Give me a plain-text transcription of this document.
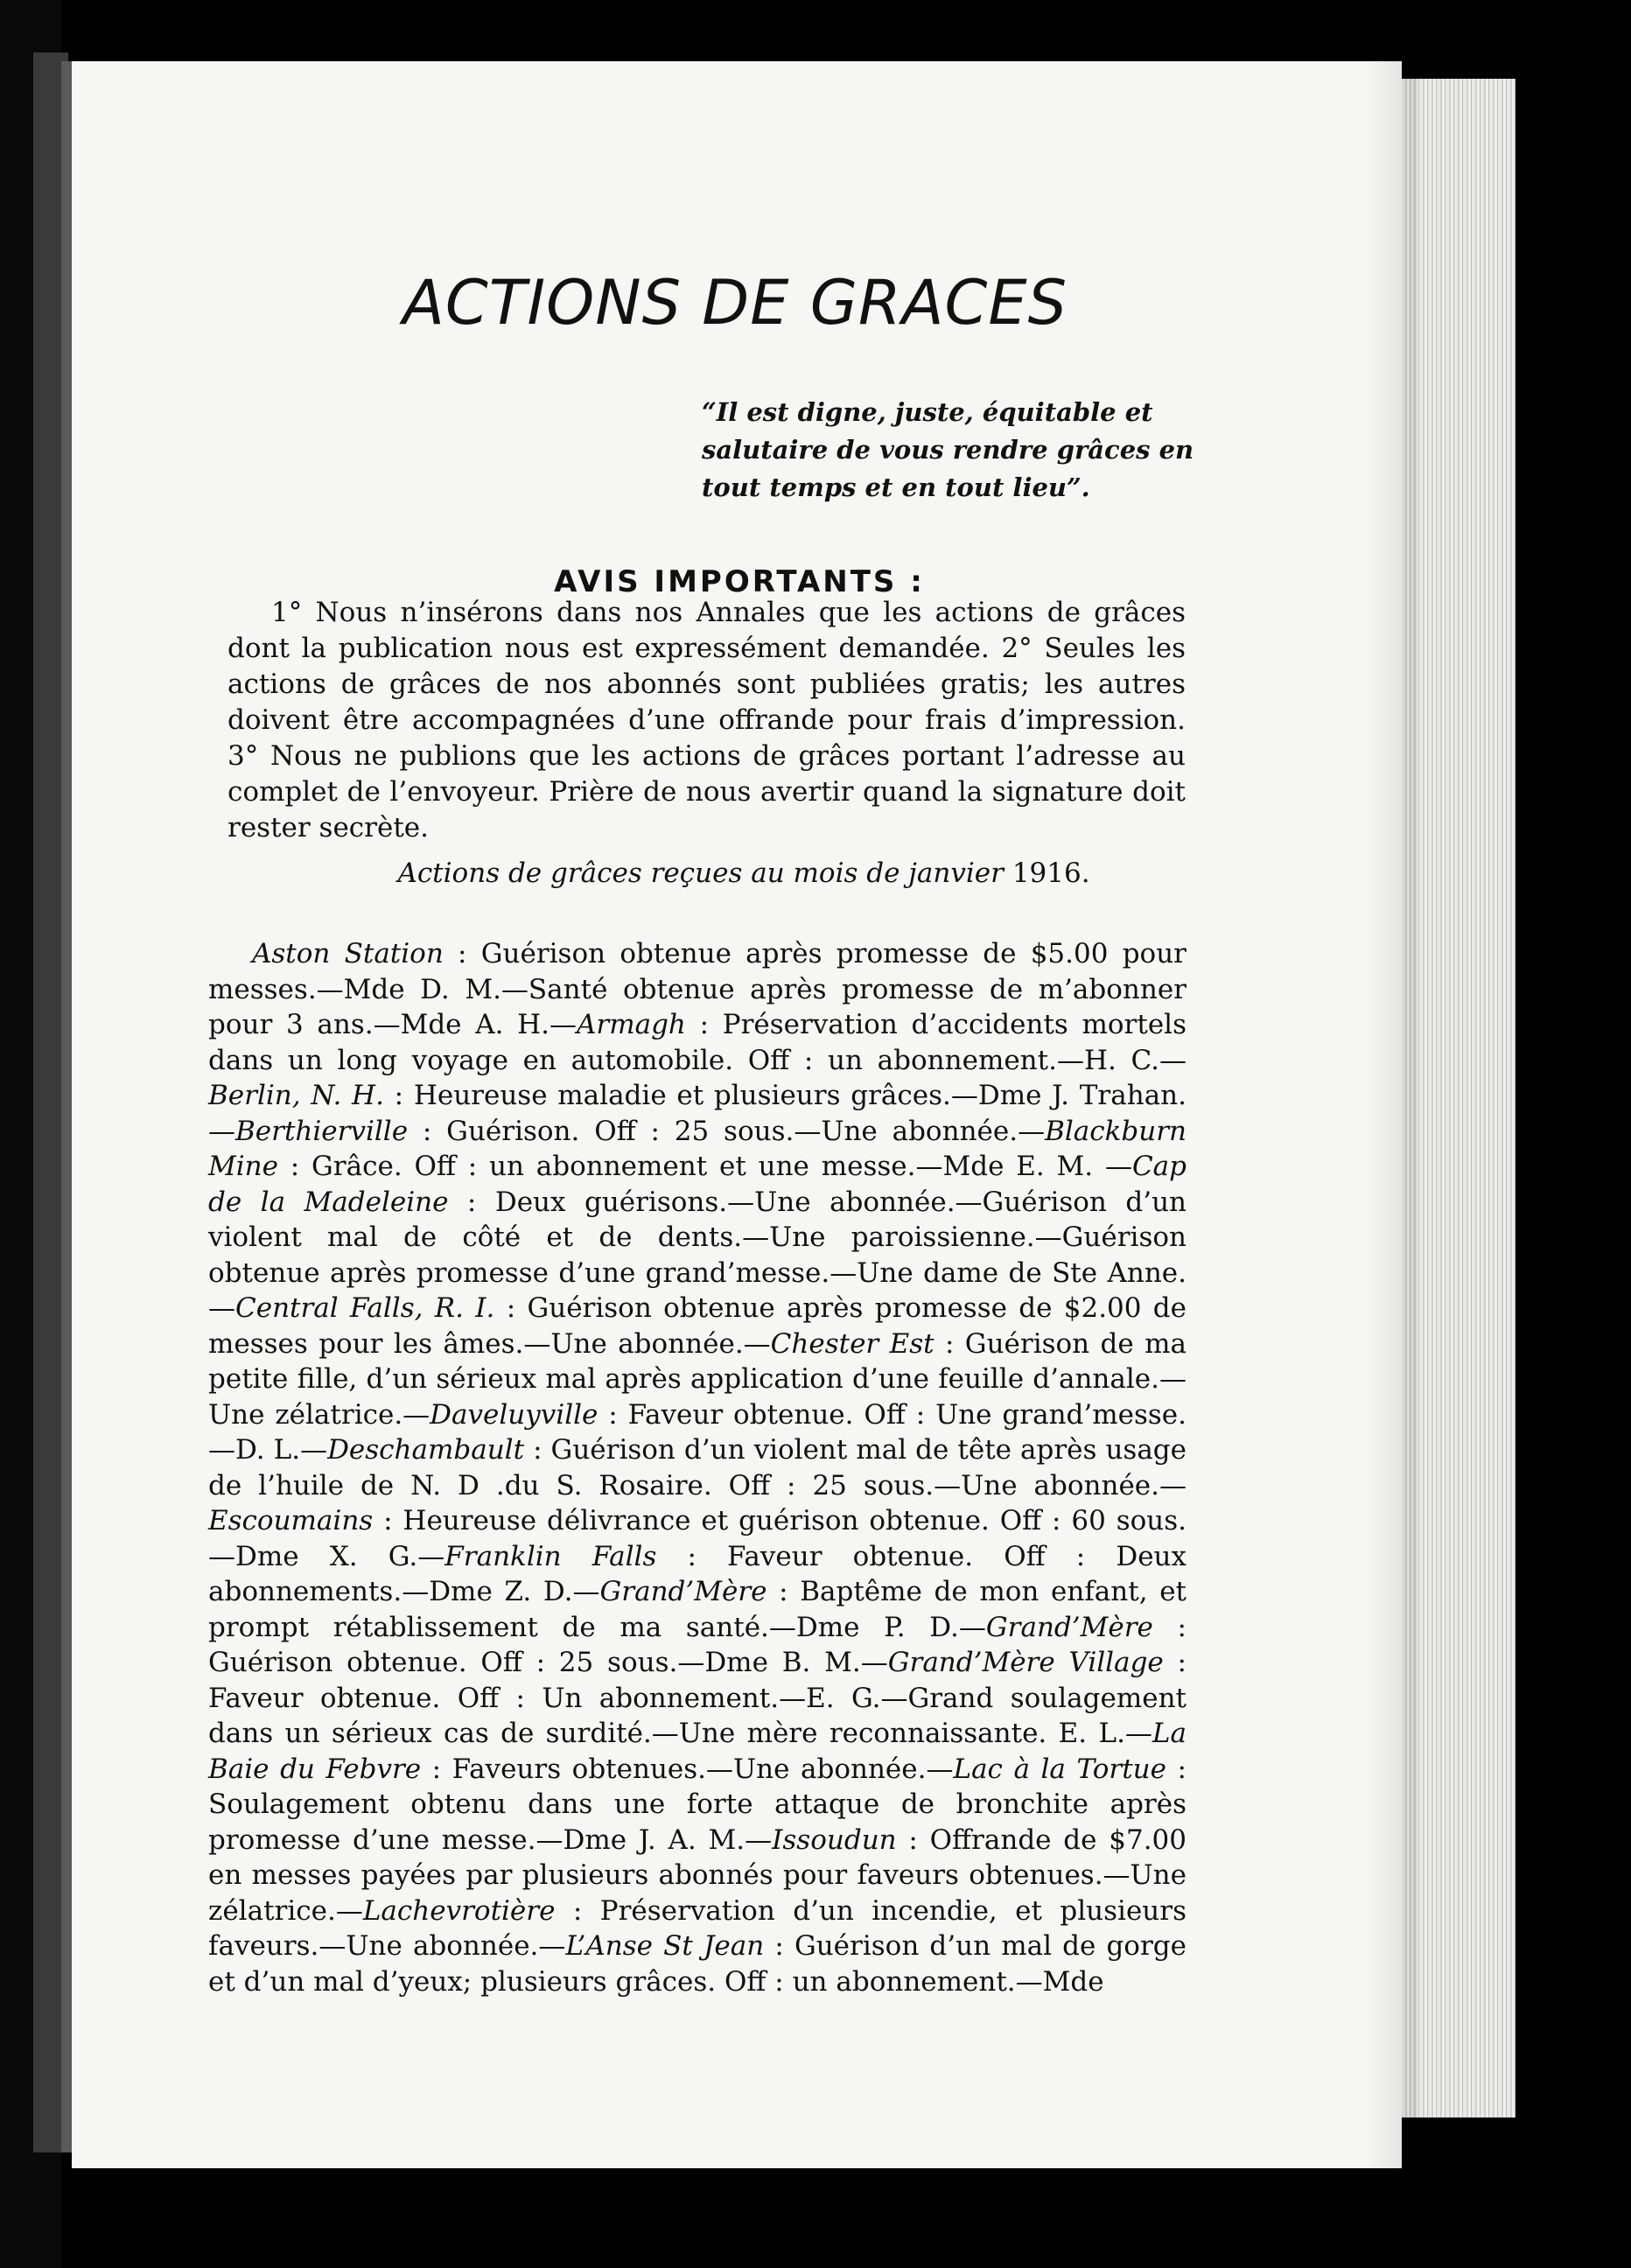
ACTIONS DE GRACES
“Il est digne, juste, équitable et salutaire de vous rendre grâces en tout temps et en tout lieu”.
AVIS IMPORTANTS :
1° Nous n’insérons dans nos Annales que les actions de grâces dont la publication nous est expressément demandée. 2° Seules les actions de grâces de nos abonnés sont publiées gratis; les autres doivent être accompagnées d’une offrande pour frais d’impression. 3° Nous ne publions que les actions de grâces portant l’adresse au complet de l’envoyeur. Prière de nous avertir quand la signature doit rester secrète.
Actions de grâces reçues au mois de janvier 1916.
Aston Station : Guérison obtenue après promesse de $5.00 pour messes.—Mde D. M.—Santé obtenue après promesse de m’abonner pour 3 ans.—Mde A. H.—Armagh : Préservation d’accidents mortels dans un long voyage en automobile. Off : un abonnement.—H. C.—Berlin, N. H. : Heureuse maladie et plusieurs grâces.—Dme J. Trahan.—Berthierville : Guérison. Off : 25 sous.—Une abonnée.—Blackburn Mine : Grâce. Off : un abonnement et une messe.—Mde E. M. —Cap de la Madeleine : Deux guérisons.—Une abonnée.—Guérison d’un violent mal de côté et de dents.—Une paroissienne.—Guérison obtenue après promesse d’une grand’messe.—Une dame de Ste Anne.—Central Falls, R. I. : Guérison obtenue après promesse de $2.00 de messes pour les âmes.—Une abonnée.—Chester Est : Guérison de ma petite fille, d’un sérieux mal après application d’une feuille d’annale.—Une zélatrice.—Daveluyville : Faveur obtenue. Off : Une grand’messe.—D. L.—Deschambault : Guérison d’un violent mal de tête après usage de l’huile de N. D .du S. Rosaire. Off : 25 sous.—Une abonnée.—Escoumains : Heureuse délivrance et guérison obtenue. Off : 60 sous.—Dme X. G.—Franklin Falls : Faveur obtenue. Off : Deux abonnements.—Dme Z. D.—Grand’Mère : Baptême de mon enfant, et prompt rétablissement de ma santé.—Dme P. D.—Grand’Mère : Guérison obtenue. Off : 25 sous.—Dme B. M.—Grand’Mère Village : Faveur obtenue. Off : Un abonnement.—E. G.—Grand soulagement dans un sérieux cas de surdité.—Une mère reconnaissante. E. L.—La Baie du Febvre : Faveurs obtenues.—Une abonnée.—Lac à la Tortue : Soulagement obtenu dans une forte attaque de bronchite après promesse d’une messe.—Dme J. A. M.—Issoudun : Offrande de $7.00 en messes payées par plusieurs abonnés pour faveurs obtenues.—Une zélatrice.—Lachevrotière : Préservation d’un incendie, et plusieurs faveurs.—Une abonnée.—L’Anse St Jean : Guérison d’un mal de gorge et d’un mal d’yeux; plusieurs grâces. Off : un abonnement.—Mde
